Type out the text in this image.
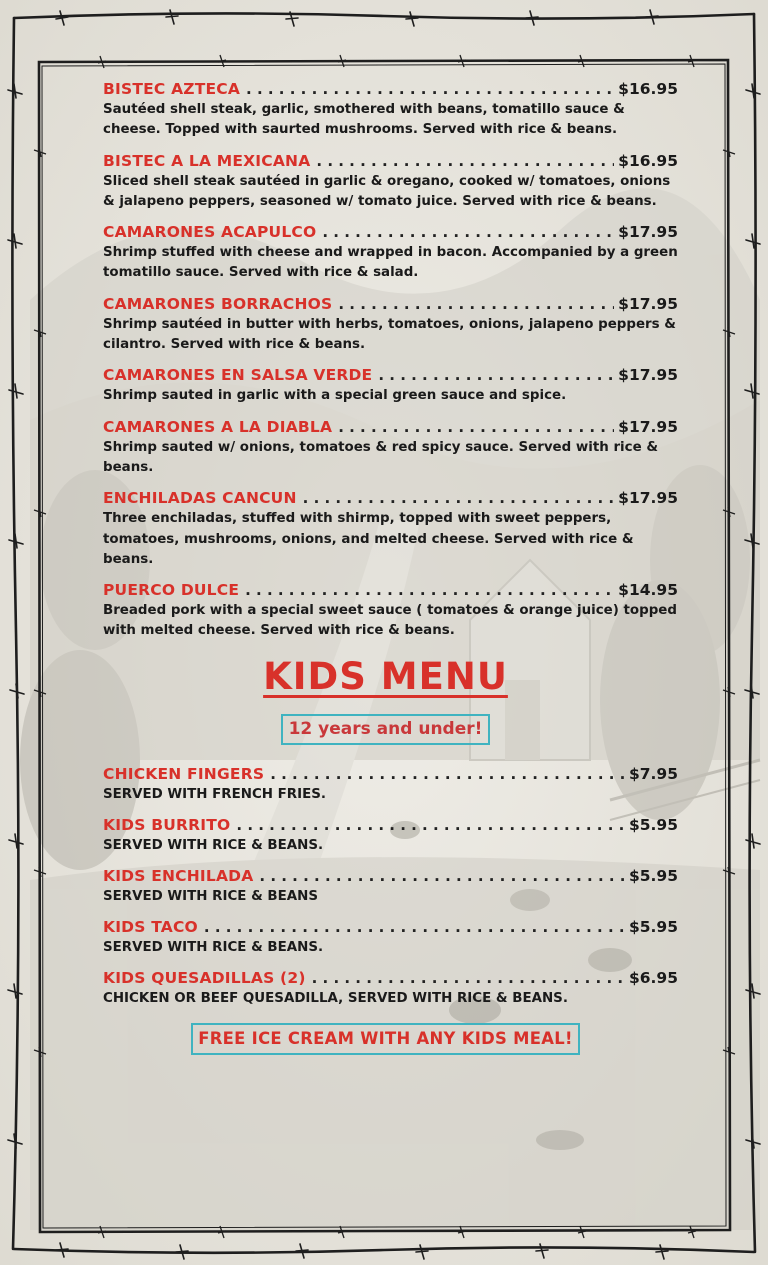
BISTEC AZTECA . . .	$16.95
Sautéed shell steak, garlic, smothered with beans, tomatillo sauce & cheese. Topped with saurted mushrooms. Served with rice & beans.
BISTEC A LA MEXICANA . . .	$16.95
Sliced shell steak sautéed in garlic & oregano, cooked w/ tomatoes, onions & jalapeno peppers, seasoned w/ tomato juice. Served with rice & beans.
CAMARONES ACAPULCO . . .	$17.95
Shrimp stuffed with cheese and wrapped in bacon. Accompanied by a green tomatillo sauce. Served with rice & salad.
CAMARONES BORRACHOS . . .	$17.95
Shrimp sautéed in butter with herbs, tomatoes, onions, jalapeno peppers & cilantro. Served with rice & beans.
CAMARONES EN SALSA VERDE . . .	$17.95
Shrimp sauted in garlic with a special green sauce and spice.
CAMARONES A LA DIABLA . . .	$17.95
Shrimp sauted w/ onions, tomatoes & red spicy sauce. Served with rice & beans.
ENCHILADAS CANCUN . . .	$17.95
Three enchiladas, stuffed with shirmp, topped with sweet peppers, tomatoes, mushrooms, onions, and melted cheese. Served with rice & beans.
PUERCO DULCE . . .	$14.95
Breaded pork with a special sweet sauce ( tomatoes & orange juice) topped with melted cheese. Served with rice & beans.
KIDS MENU
12 years and under!
CHICKEN FINGERS . . .	$7.95
SERVED WITH FRENCH FRIES.
KIDS BURRITO . . .	$5.95
SERVED WITH RICE & BEANS.
KIDS ENCHILADA . . .	$5.95
SERVED WITH RICE & BEANS
KIDS TACO . . .	$5.95
SERVED WITH RICE & BEANS.
KIDS QUESADILLAS (2) . . .	$6.95
CHICKEN OR BEEF QUESADILLA, SERVED WITH RICE & BEANS.
FREE ICE CREAM WITH ANY KIDS MEAL!
